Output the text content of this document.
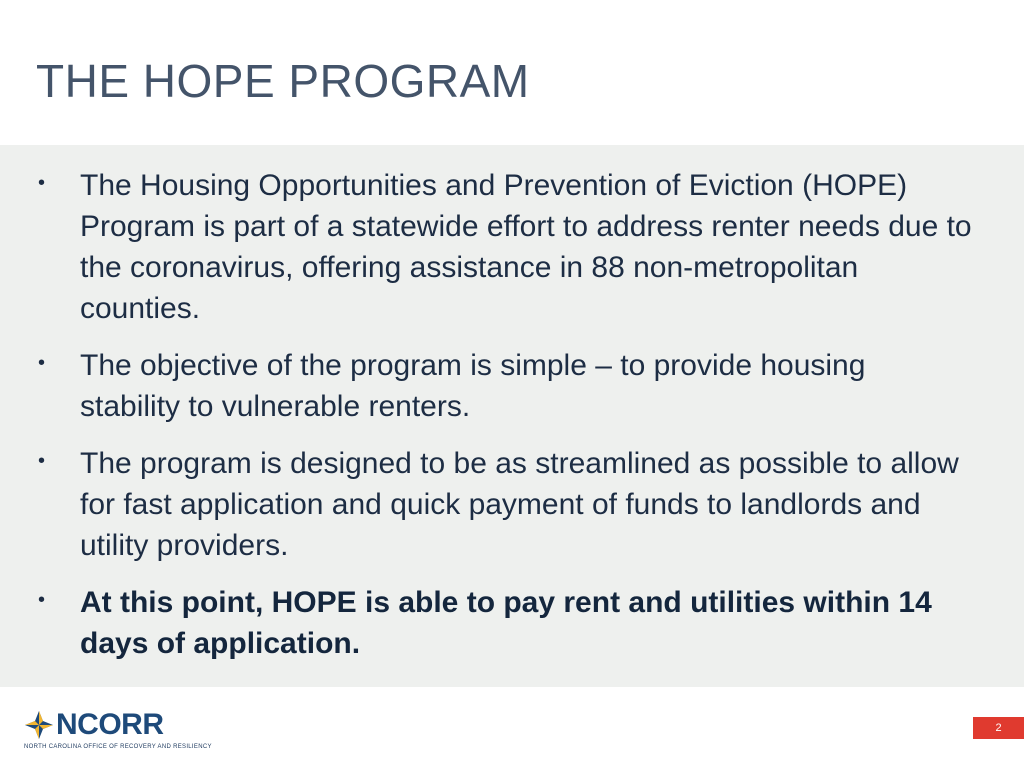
THE HOPE PROGRAM
• The Housing Opportunities and Prevention of Eviction (HOPE) Program is part of a statewide effort to address renter needs due to the coronavirus, offering assistance in 88 non-metropolitan counties.
• The objective of the program is simple – to provide housing stability to vulnerable renters.
• The program is designed to be as streamlined as possible to allow for fast application and quick payment of funds to landlords and utility providers.
• At this point, HOPE is able to pay rent and utilities within 14 days of application.
NCORR
NORTH CAROLINA OFFICE OF RECOVERY AND RESILIENCY
2
